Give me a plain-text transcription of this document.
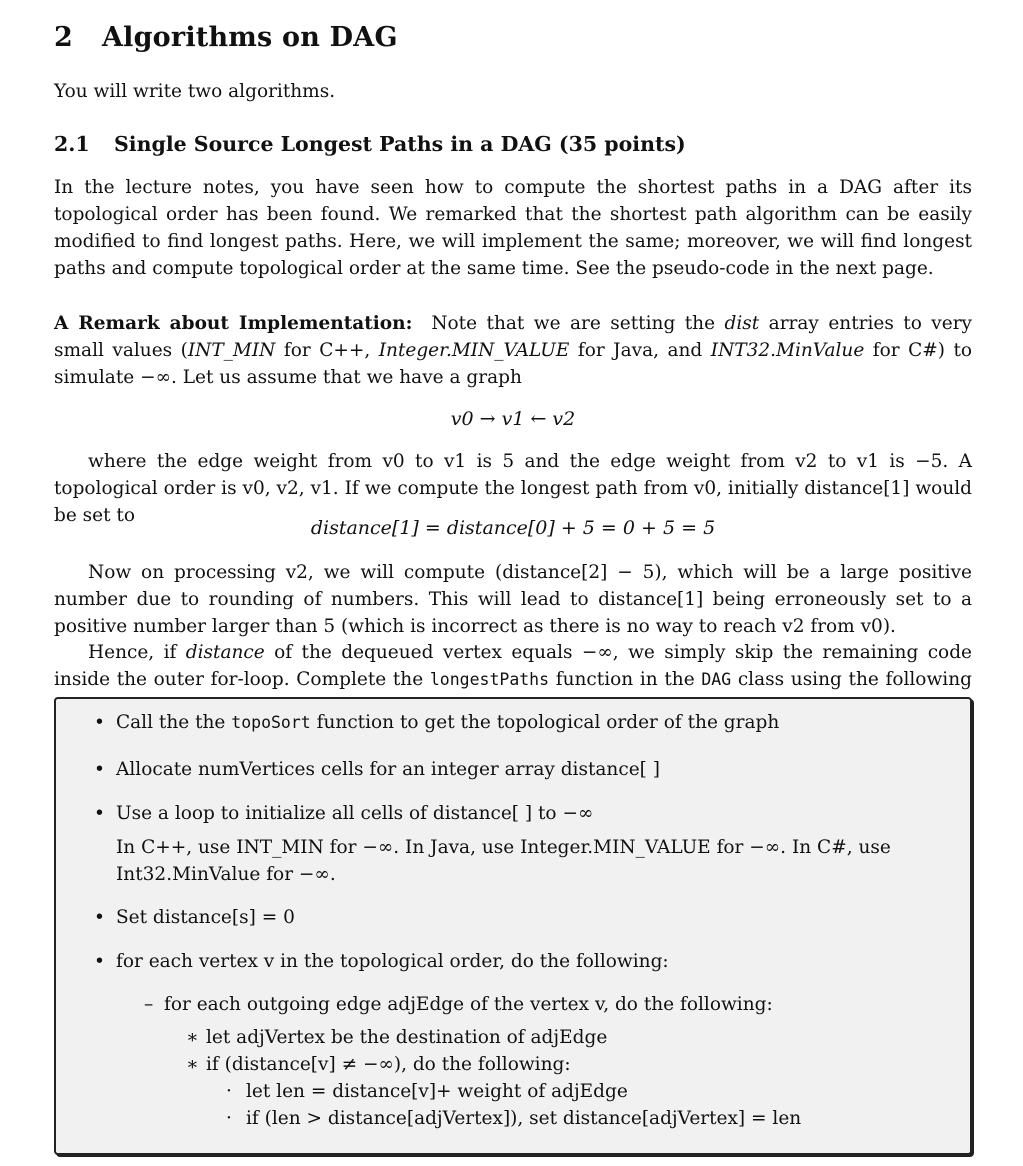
2 Algorithms on DAG
You will write two algorithms.
2.1 Single Source Longest Paths in a DAG (35 points)
In the lecture notes, you have seen how to compute the shortest paths in a DAG after its topological order has been found. We remarked that the shortest path algorithm can be easily modified to find longest paths. Here, we will implement the same; moreover, we will find longest paths and compute topological order at the same time. See the pseudo-code in the next page.
A Remark about Implementation: Note that we are setting the dist array entries to very small values (INT_MIN for C++, Integer.MIN_VALUE for Java, and INT32.MinValue for C#) to simulate −∞. Let us assume that we have a graph
v0 → v1 ← v2
where the edge weight from v0 to v1 is 5 and the edge weight from v2 to v1 is −5. A topological order is v0, v2, v1. If we compute the longest path from v0, initially distance[1] would be set to
distance[1] = distance[0] + 5 = 0 + 5 = 5
Now on processing v2, we will compute (distance[2] − 5), which will be a large positive number due to rounding of numbers. This will lead to distance[1] being erroneously set to a positive number larger than 5 (which is incorrect as there is no way to reach v2 from v0).
Hence, if distance of the dequeued vertex equals −∞, we simply skip the remaining code inside the outer for-loop. Complete the longestPaths function in the DAG class using the following
• Call the the topoSort function to get the topological order of the graph
• Allocate numVertices cells for an integer array distance[ ]
• Use a loop to initialize all cells of distance[ ] to −∞
In C++, use INT_MIN for −∞. In Java, use Integer.MIN_VALUE for −∞. In C#, use Int32.MinValue for −∞.
• Set distance[s] = 0
• for each vertex v in the topological order, do the following:
– for each outgoing edge adjEdge of the vertex v, do the following:
∗ let adjVertex be the destination of adjEdge
∗ if (distance[v] ≠ −∞), do the following:
· let len = distance[v]+ weight of adjEdge
· if (len > distance[adjVertex]), set distance[adjVertex] = len
